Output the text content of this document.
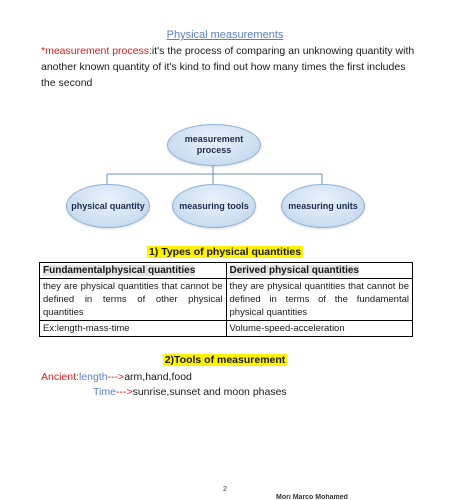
Physical measurements
*measurement process:it's the process of comparing an unknowing quantity with another known quantity of it's kind to find out how many times the first includes the second
measurement process
physical quantity	measuring tools	measuring units
1) Types of physical quantities
Fundamentalphysical quantities	Derived physical quantities
they are physical quantities that cannot be defined in terms of other physical quantities	they are physical quantities that cannot be defined in terms of the fundamental physical quantities
Ex:length-mass-time	Volume-speed-acceleration
2)Tools of measurement
Ancient:length--->arm,hand,food
Time--->sunrise,sunset and moon phases
2
Mori Marco Mohamed
